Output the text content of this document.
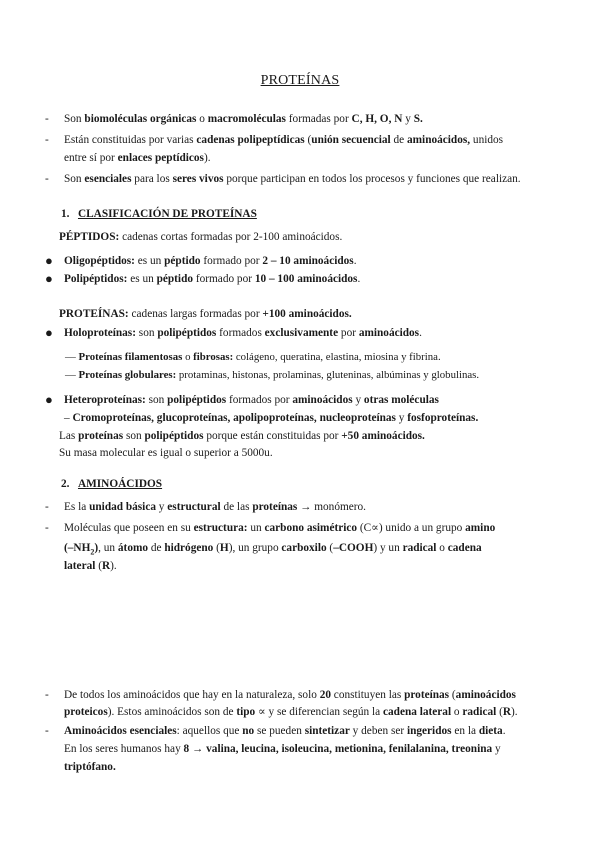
PROTEÍNAS
- Son biomoléculas orgánicas o macromoléculas formadas por C, H, O, N y S.
- Están constituidas por varias cadenas polipeptídicas (unión secuencial de aminoácidos, unidos
entre sí por enlaces peptídicos).
- Son esenciales para los seres vivos porque participan en todos los procesos y funciones que realizan.
1. CLASIFICACIÓN DE PROTEÍNAS
PÉPTIDOS: cadenas cortas formadas por 2-100 aminoácidos.
● Oligopéptidos: es un péptido formado por 2 – 10 aminoácidos.
● Polipéptidos: es un péptido formado por 10 – 100 aminoácidos.
PROTEÍNAS: cadenas largas formadas por +100 aminoácidos.
● Holoproteínas: son polipéptidos formados exclusivamente por aminoácidos.
— Proteínas filamentosas o fibrosas: colágeno, queratina, elastina, miosina y fibrina.
— Proteínas globulares: protaminas, histonas, prolaminas, gluteninas, albúminas y globulinas.
● Heteroproteínas: son polipéptidos formados por aminoácidos y otras moléculas
– Cromoproteínas, glucoproteínas, apolipoproteínas, nucleoproteínas y fosfoproteínas.
Las proteínas son polipéptidos porque están constituidas por +50 aminoácidos.
Su masa molecular es igual o superior a 5000u.
2. AMINOÁCIDOS
- Es la unidad básica y estructural de las proteínas → monómero.
- Moléculas que poseen en su estructura: un carbono asimétrico (C∝) unido a un grupo amino
$(-NH_2)$, un átomo de hidrógeno (H), un grupo carboxilo (–COOH) y un radical o cadena
lateral (R).
- De todos los aminoácidos que hay en la naturaleza, solo 20 constituyen las proteínas (aminoácidos
proteicos). Estos aminoácidos son de tipo ∝ y se diferencian según la cadena lateral o radical (R).
- Aminoácidos esenciales: aquellos que no se pueden sintetizar y deben ser ingeridos en la dieta.
En los seres humanos hay 8 → valina, leucina, isoleucina, metionina, fenilalanina, treonina y
triptófano.
